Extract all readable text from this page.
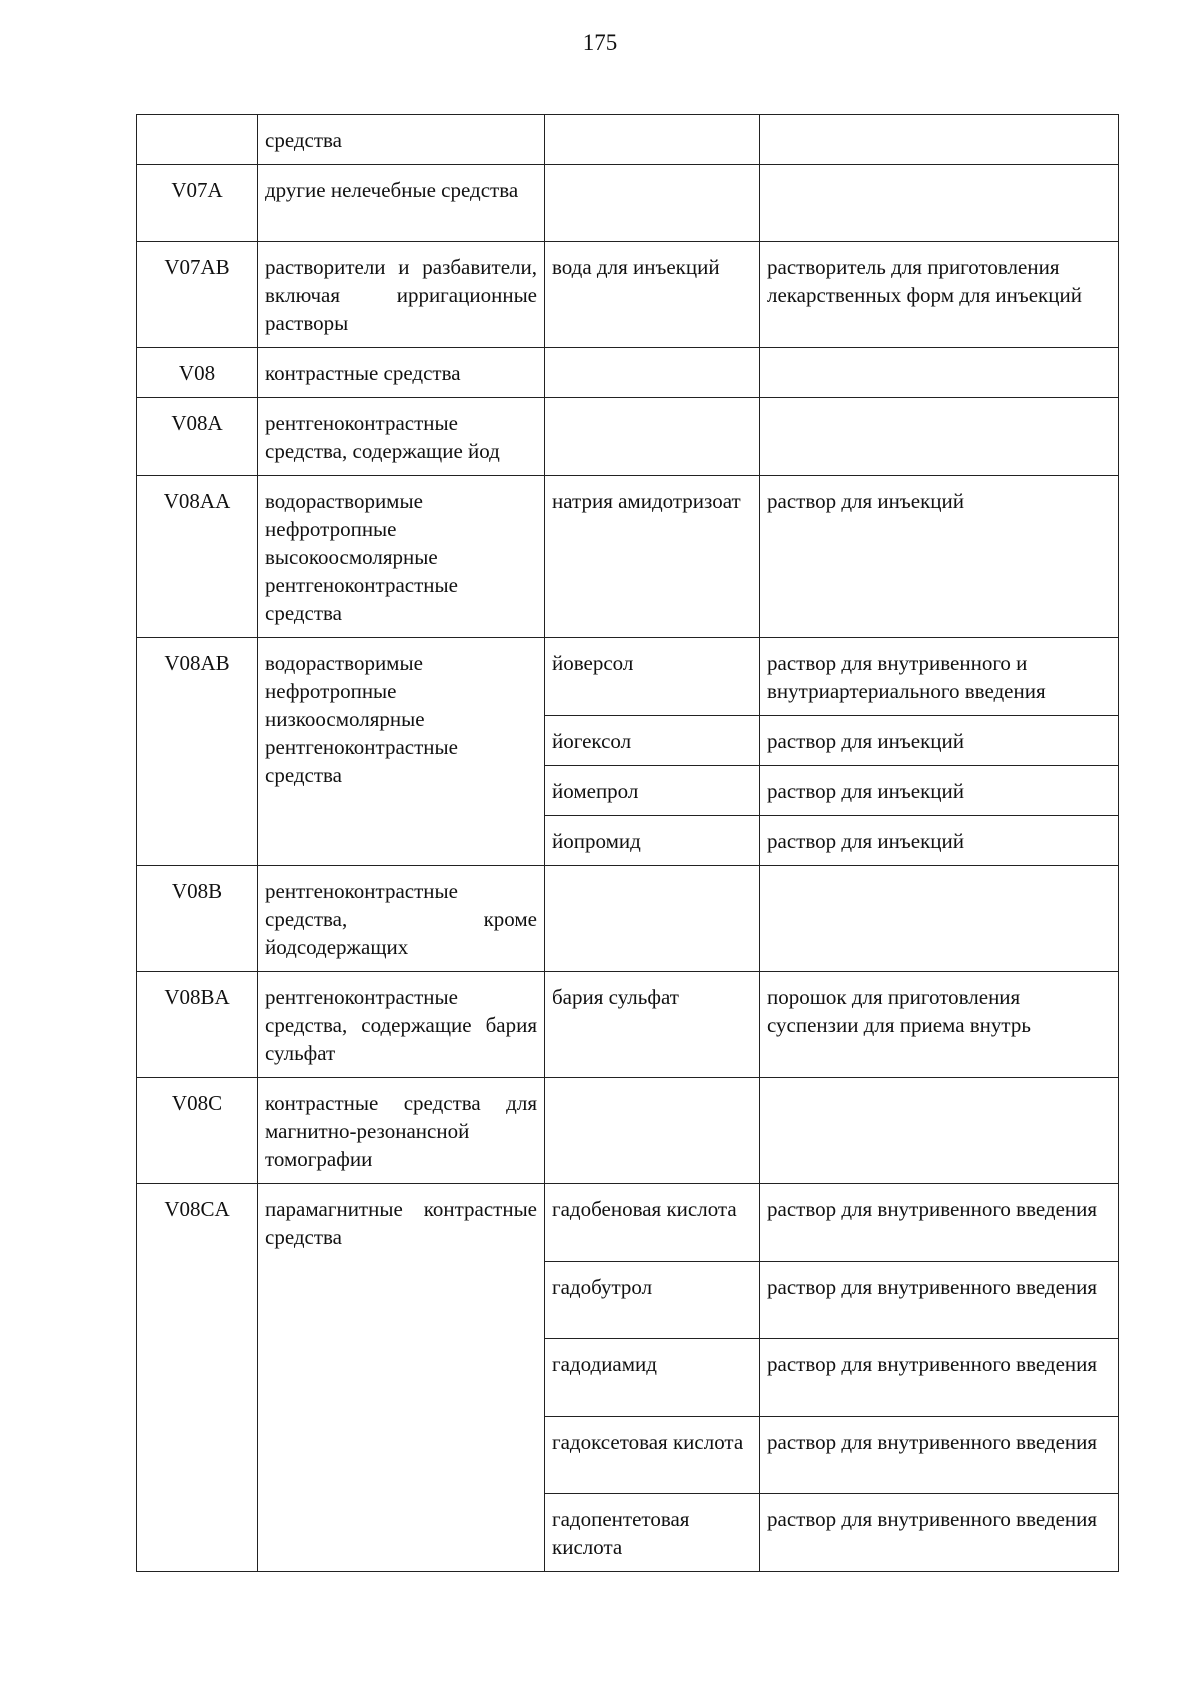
175
	средства		
V07A	другие нелечебные средства		
V07AB	растворители и разбавители, включая ирригационные растворы	вода для инъекций	растворитель для приготовления лекарственных форм для инъекций
V08	контрастные средства		
V08A	рентгеноконтрастные средства, содержащие йод		
V08AA	водорастворимые нефротропные высокоосмолярные рентгеноконтрастные средства	натрия амидотризоат	раствор для инъекций
V08AB	водорастворимые нефротропные низкоосмолярные рентгеноконтрастные средства	йоверсол	раствор для внутривенного и внутриартериального введения
		йогексол	раствор для инъекций
		йомепрол	раствор для инъекций
		йопромид	раствор для инъекций
V08B	рентгеноконтрастные средства, кроме йодсодержащих		
V08BA	рентгеноконтрастные средства, содержащие бария сульфат	бария сульфат	порошок для приготовления суспензии для приема внутрь
V08C	контрастные средства для магнитно-резонансной томографии		
V08CA	парамагнитные контрастные средства	гадобеновая кислота	раствор для внутривенного введения
		гадобутрол	раствор для внутривенного введения
		гадодиамид	раствор для внутривенного введения
		гадоксетовая кислота	раствор для внутривенного введения
		гадопентетовая кислота	раствор для внутривенного введения
